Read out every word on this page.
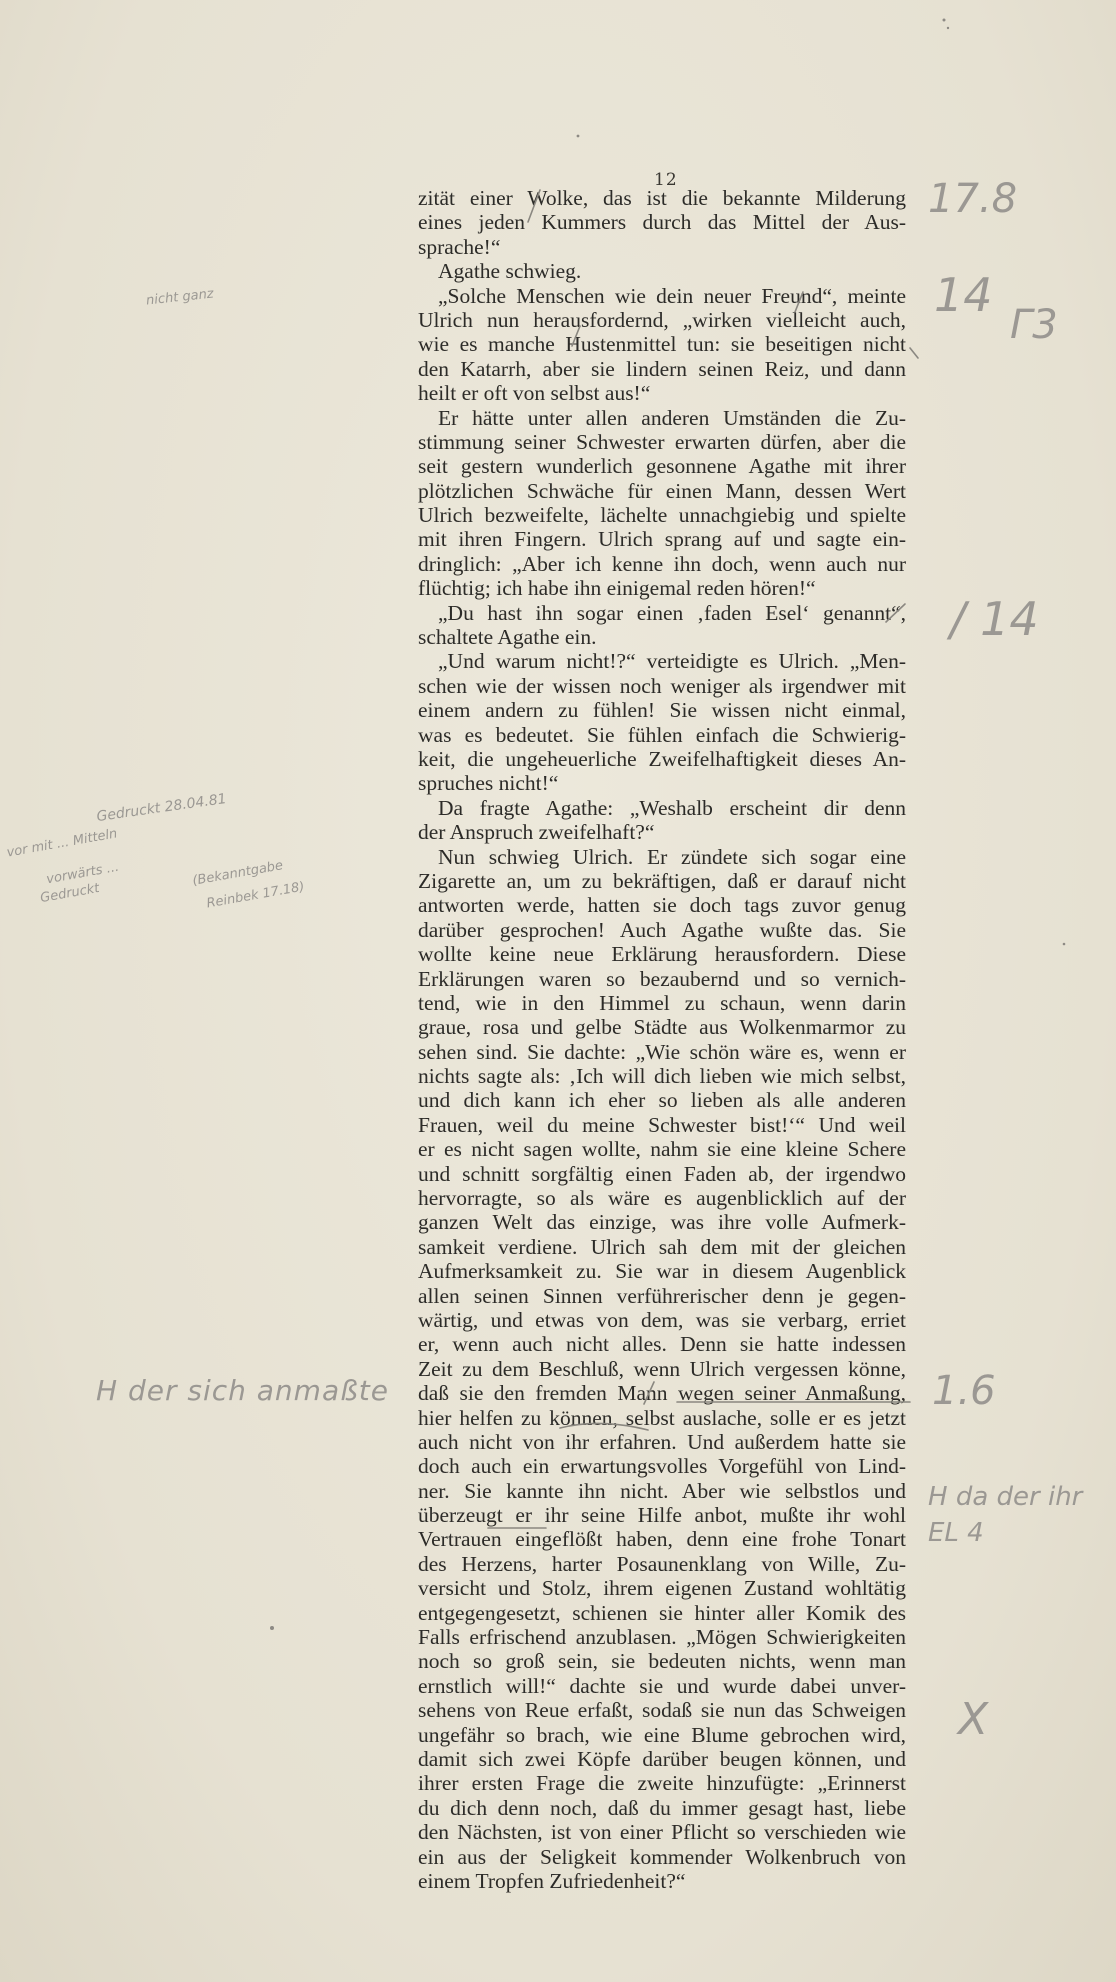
12
zität einer Wolke, das ist die bekannte Milderung
eines jeden Kummers durch das Mittel der Aus-
sprache!“
Agathe schwieg.
„Solche Menschen wie dein neuer Freund“, meinte
Ulrich nun herausfordernd, „wirken vielleicht auch,
wie es manche Hustenmittel tun: sie beseitigen nicht
den Katarrh, aber sie lindern seinen Reiz, und dann
heilt er oft von selbst aus!“
Er hätte unter allen anderen Umständen die Zu-
stimmung seiner Schwester erwarten dürfen, aber die
seit gestern wunderlich gesonnene Agathe mit ihrer
plötzlichen Schwäche für einen Mann, dessen Wert
Ulrich bezweifelte, lächelte unnachgiebig und spielte
mit ihren Fingern. Ulrich sprang auf und sagte ein-
dringlich: „Aber ich kenne ihn doch, wenn auch nur
flüchtig; ich habe ihn einigemal reden hören!“
„Du hast ihn sogar einen ‚faden Esel‘ genannt“,
schaltete Agathe ein.
„Und warum nicht!?“ verteidigte es Ulrich. „Men-
schen wie der wissen noch weniger als irgendwer mit
einem andern zu fühlen! Sie wissen nicht einmal,
was es bedeutet. Sie fühlen einfach die Schwierig-
keit, die ungeheuerliche Zweifelhaftigkeit dieses An-
spruches nicht!“
Da fragte Agathe: „Weshalb erscheint dir denn
der Anspruch zweifelhaft?“
Nun schwieg Ulrich. Er zündete sich sogar eine
Zigarette an, um zu bekräftigen, daß er darauf nicht
antworten werde, hatten sie doch tags zuvor genug
darüber gesprochen! Auch Agathe wußte das. Sie
wollte keine neue Erklärung herausfordern. Diese
Erklärungen waren so bezaubernd und so vernich-
tend, wie in den Himmel zu schaun, wenn darin
graue, rosa und gelbe Städte aus Wolkenmarmor zu
sehen sind. Sie dachte: „Wie schön wäre es, wenn er
nichts sagte als: ‚Ich will dich lieben wie mich selbst,
und dich kann ich eher so lieben als alle anderen
Frauen, weil du meine Schwester bist!‘“ Und weil
er es nicht sagen wollte, nahm sie eine kleine Schere
und schnitt sorgfältig einen Faden ab, der irgendwo
hervorragte, so als wäre es augenblicklich auf der
ganzen Welt das einzige, was ihre volle Aufmerk-
samkeit verdiene. Ulrich sah dem mit der gleichen
Aufmerksamkeit zu. Sie war in diesem Augenblick
allen seinen Sinnen verführerischer denn je gegen-
wärtig, und etwas von dem, was sie verbarg, erriet
er, wenn auch nicht alles. Denn sie hatte indessen
Zeit zu dem Beschluß, wenn Ulrich vergessen könne,
daß sie den fremden Mann wegen seiner Anmaßung,
hier helfen zu können, selbst auslache, solle er es jetzt
auch nicht von ihr erfahren. Und außerdem hatte sie
doch auch ein erwartungsvolles Vorgefühl von Lind-
ner. Sie kannte ihn nicht. Aber wie selbstlos und
überzeugt er ihr seine Hilfe anbot, mußte ihr wohl
Vertrauen eingeflößt haben, denn eine frohe Tonart
des Herzens, harter Posaunenklang von Wille, Zu-
versicht und Stolz, ihrem eigenen Zustand wohltätig
entgegengesetzt, schienen sie hinter aller Komik des
Falls erfrischend anzublasen. „Mögen Schwierigkeiten
noch so groß sein, sie bedeuten nichts, wenn man
ernstlich will!“ dachte sie und wurde dabei unver-
sehens von Reue erfaßt, sodaß sie nun das Schweigen
ungefähr so brach, wie eine Blume gebrochen wird,
damit sich zwei Köpfe darüber beugen können, und
ihrer ersten Frage die zweite hinzufügte: „Erinnerst
du dich denn noch, daß du immer gesagt hast, liebe
den Nächsten, ist von einer Pflicht so verschieden wie
ein aus der Seligkeit kommender Wolkenbruch von
einem Tropfen Zufriedenheit?“
17.8
14
Γ3
/ 14
1.6
H da der ihr
EL 4
X
nicht ganz
Gedruckt 28.04.81
vor mit ... Mitteln
vorwärts ...
Gedruckt
(Bekanntgabe
Reinbek 17.18)
H der sich anmaßte
